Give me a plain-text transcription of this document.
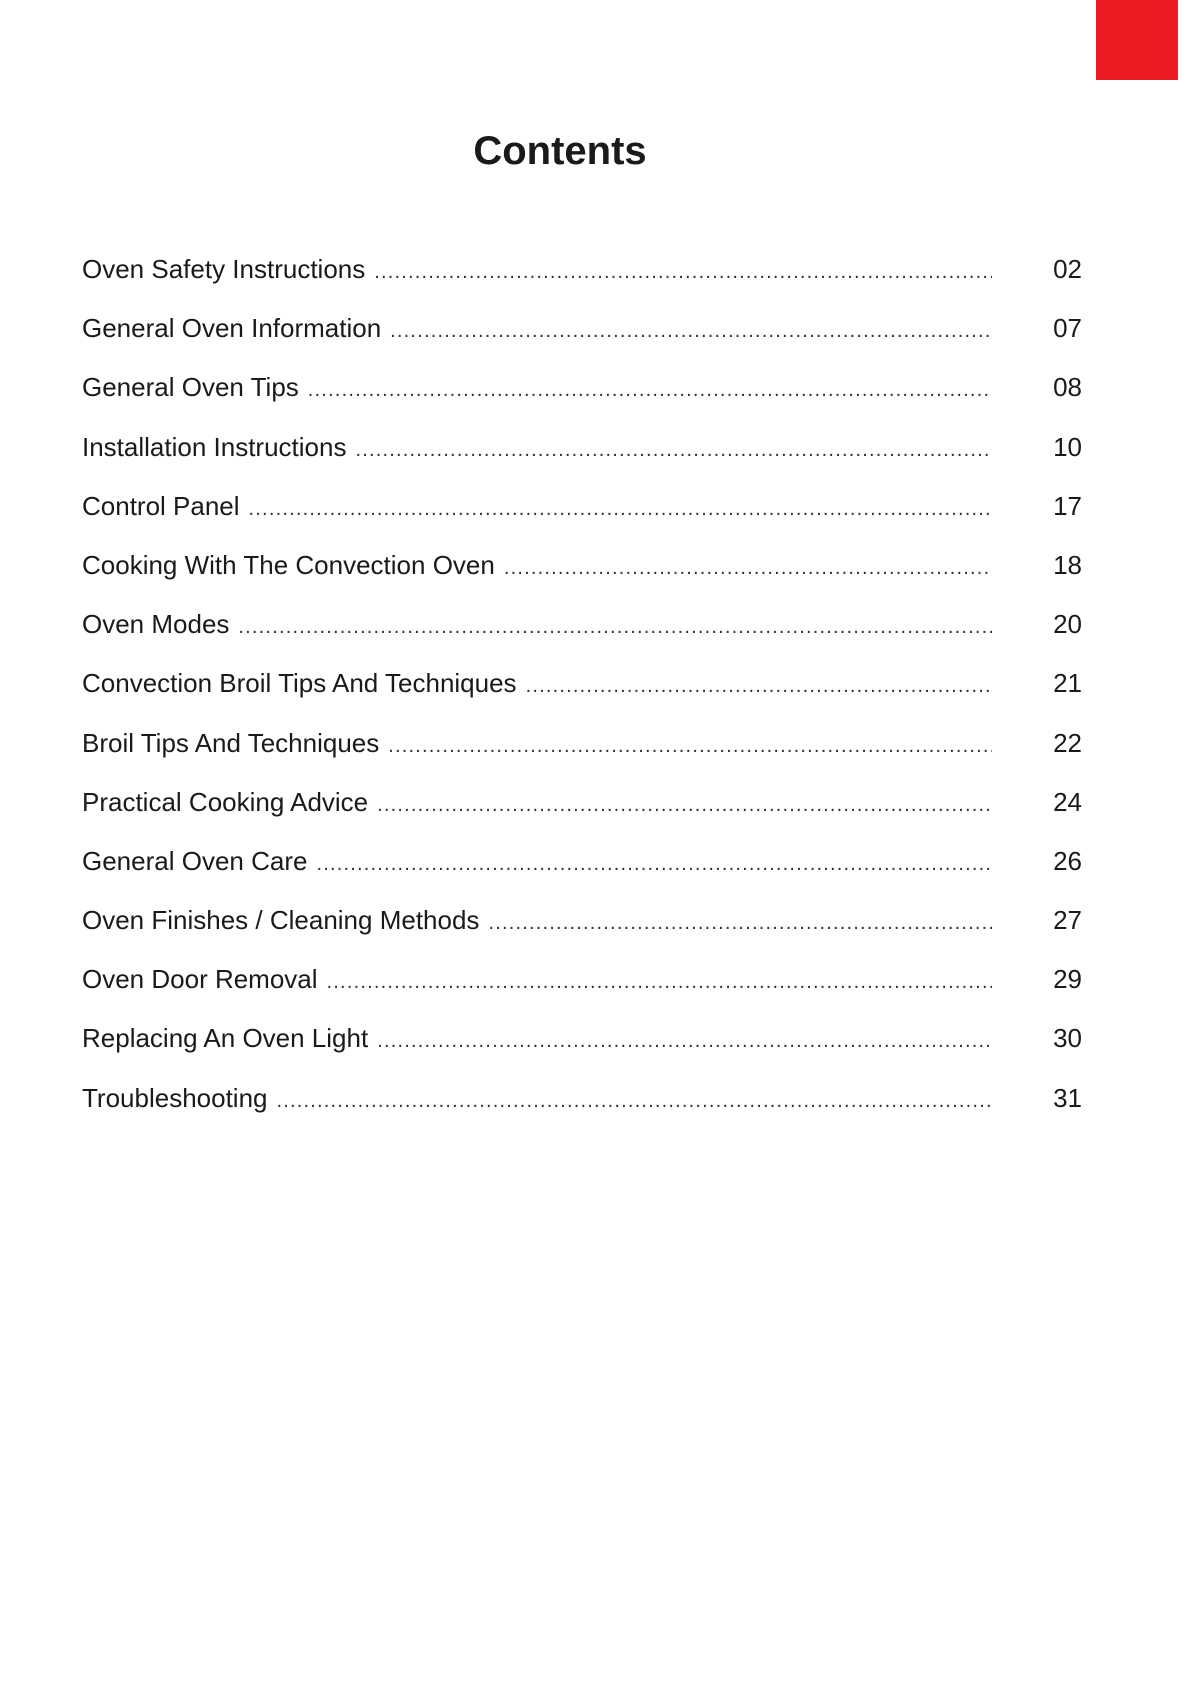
Contents
Oven Safety Instructions .....	02
General Oven Information .....	07
General Oven Tips .....	08
Installation Instructions .....	10
Control Panel .....	17
Cooking With The Convection Oven .....	18
Oven Modes .....	20
Convection Broil Tips And Techniques .....	21
Broil Tips And Techniques .....	22
Practical Cooking Advice .....	24
General Oven Care .....	26
Oven Finishes / Cleaning Methods .....	27
Oven Door Removal .....	29
Replacing An Oven Light .....	30
Troubleshooting .....	31
